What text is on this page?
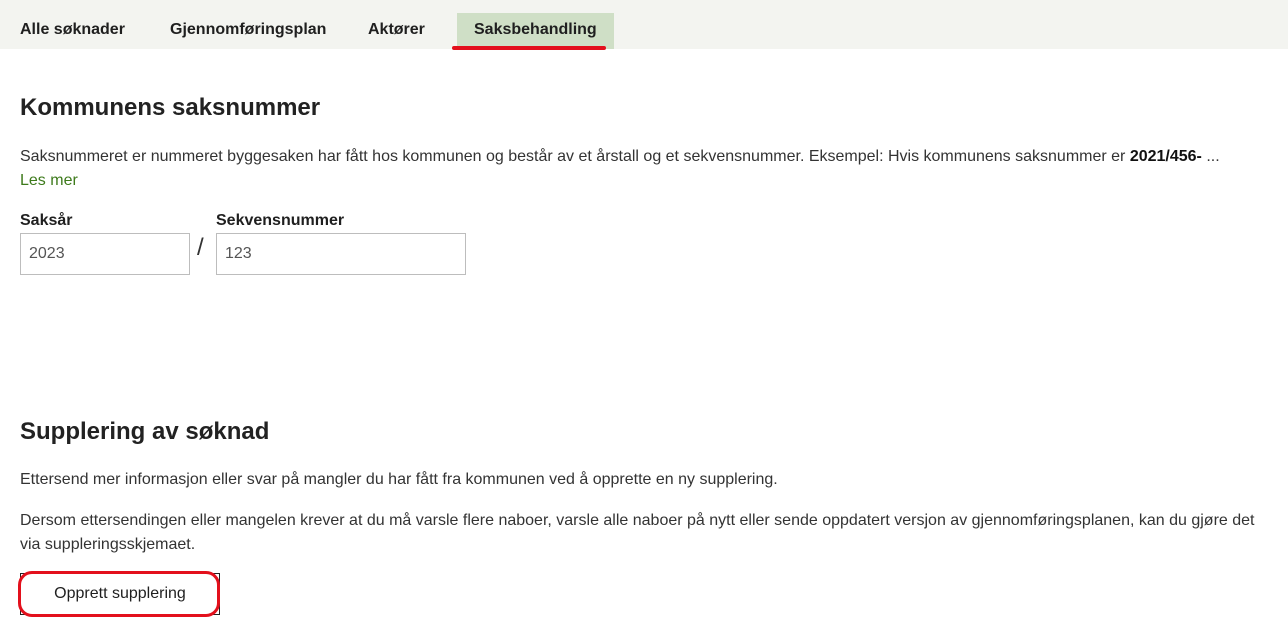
Alle søknader	Gjennomføringsplan	Aktører	Saksbehandling
Kommunens saksnummer

Saksnummeret er nummeret byggesaken har fått hos kommunen og består av et årstall og et sekvensnummer. Eksempel: Hvis kommunens saksnummer er 2021/456- ...

Les mer
Saksår
2023
/
Sekvensnummer
123
Supplering av søknad

Ettersend mer informasjon eller svar på mangler du har fått fra kommunen ved å opprette en ny supplering.

Dersom ettersendingen eller mangelen krever at du må varsle flere naboer, varsle alle naboer på nytt eller sende oppdatert versjon av gjennomføringsplanen, kan du gjøre det via suppleringsskjemaet.

Opprett supplering
